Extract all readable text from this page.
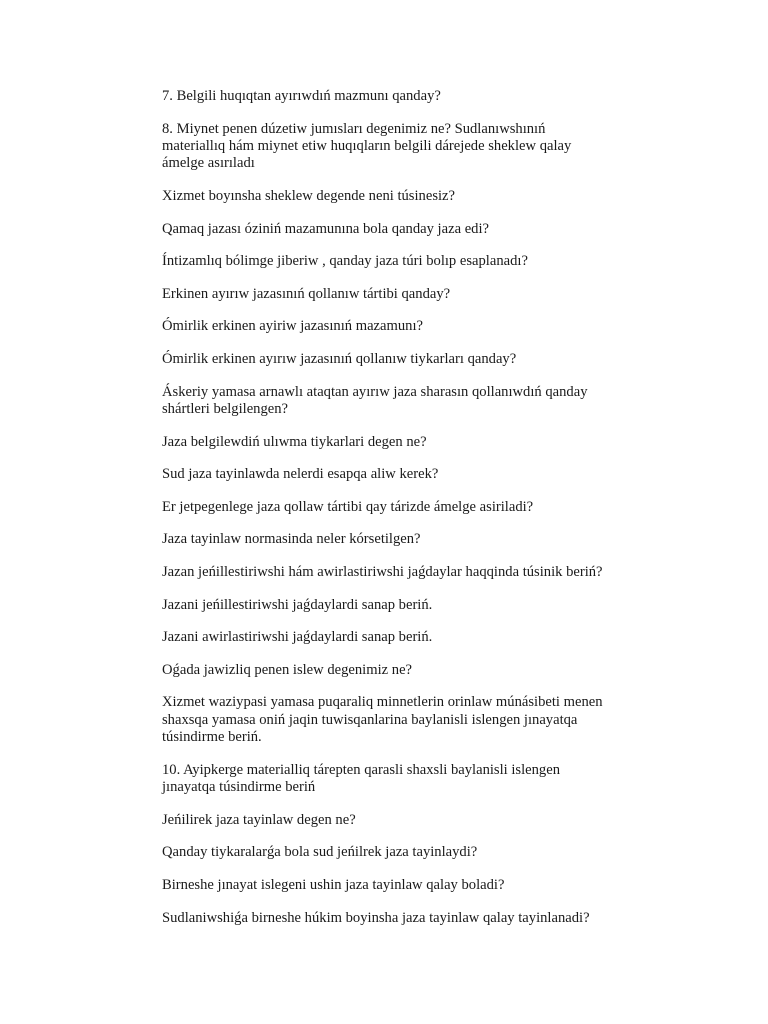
7. Belgili huqıqtan ayırıwdıń mazmunı qanday?
8. Miynet penen dúzetiw jumısları degenimiz ne? Sudlanıwshınıń
materiallıq hám miynet etiw huqıqların belgili dárejede sheklew qalay
ámelge asırıladı
Xizmet boyınsha sheklew degende neni túsinesiz?
Qamaq jazası óziniń mazamunına bola qanday jaza edi?
Íntizamlıq bólimge jiberiw , qanday jaza túri bolıp esaplanadı?
Erkinen ayırıw jazasınıń qollanıw tártibi qanday?
Ómirlik erkinen ayiriw jazasınıń mazamunı?
Ómirlik erkinen ayırıw jazasınıń qollanıw tiykarları qanday?
Áskeriy yamasa arnawlı ataqtan ayırıw jaza sharasın qollanıwdıń qanday
shártleri belgilengen?
Jaza belgilewdiń ulıwma tiykarlari degen ne?
Sud jaza tayinlawda nelerdi esapqa aliw kerek?
Er jetpegenlege jaza qollaw tártibi qay tárizde ámelge asiriladi?
Jaza tayinlaw normasinda neler kórsetilgen?
Jazan jeńillestiriwshi hám awirlastiriwshi jaǵdaylar haqqinda túsinik beriń?
Jazani jeńillestiriwshi jaǵdaylardi sanap beriń.
Jazani awirlastiriwshi jaǵdaylardi sanap beriń.
Oǵada jawizliq penen islew degenimiz ne?
Xizmet waziypasi yamasa puqaraliq minnetlerin orinlaw múnásibeti menen
shaxsqa yamasa oniń jaqin tuwisqanlarina baylanisli islengen jınayatqa
túsindirme beriń.
10. Ayipkerge materialliq tárepten qarasli shaxsli baylanisli islengen
jınayatqa túsindirme beriń
Jeńilirek jaza tayinlaw degen ne?
Qanday tiykaralarǵa bola sud jeńilrek jaza tayinlaydi?
Birneshe jınayat islegeni ushin jaza tayinlaw qalay boladi?
Sudlaniwshiǵa birneshe húkim boyinsha jaza tayinlaw qalay tayinlanadi?
